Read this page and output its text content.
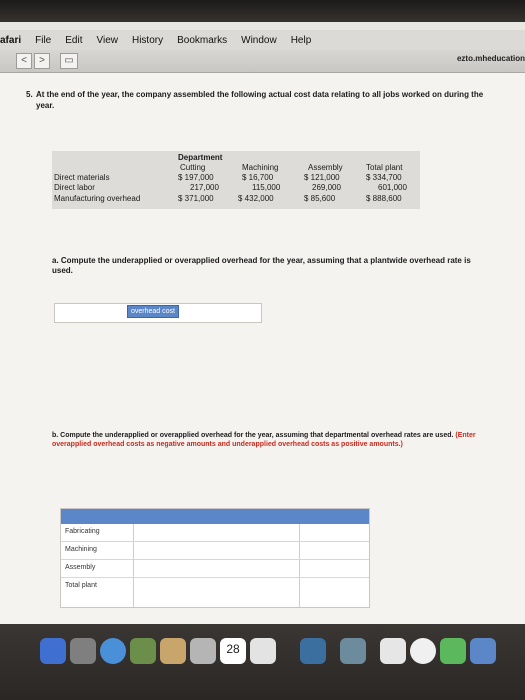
afari File Edit View History Bookmarks Window Help
<	>	▭	ezto.mheducation
5. At the end of the year, the company assembled the following actual cost data relating to all jobs worked on during the year.
Department
Cutting	Machining	Assembly	Total plant
Direct materials	$ 197,000	$ 16,700	$ 121,000	$ 334,700
Direct labor	217,000	115,000	269,000	601,000
Manufacturing overhead	$ 371,000	$ 432,000	$ 85,600	$ 888,600
a. Compute the underapplied or overapplied overhead for the year, assuming that a plantwide overhead rate is used.
overhead cost
b. Compute the underapplied or overapplied overhead for the year, assuming that departmental overhead rates are used. (Enter overapplied overhead costs as negative amounts and underapplied overhead costs as positive amounts.)
Fabricating
Machining
Assembly
Total plant
28
